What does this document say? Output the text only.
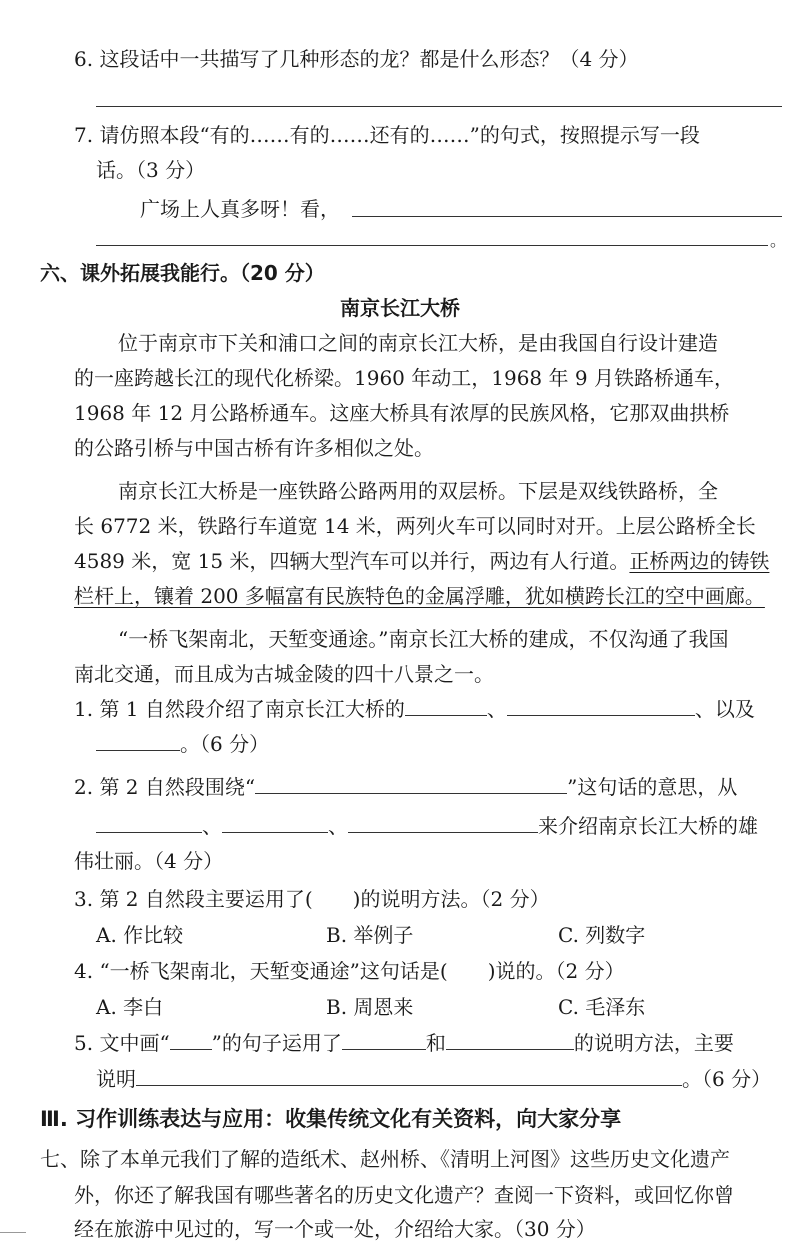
6. 这段话中一共描写了几种形态的龙？都是什么形态？（4 分）
7. 请仿照本段“有的……有的……还有的……”的句式，按照提示写一段
话。（3 分）
广场上人真多呀！看，
。
六、课外拓展我能行。（20 分）
南京长江大桥
位于南京市下关和浦口之间的南京长江大桥，是由我国自行设计建造
的一座跨越长江的现代化桥梁。1960 年动工，1968 年 9 月铁路桥通车，
1968 年 12 月公路桥通车。这座大桥具有浓厚的民族风格，它那双曲拱桥
的公路引桥与中国古桥有许多相似之处。
南京长江大桥是一座铁路公路两用的双层桥。下层是双线铁路桥，全
长 6772 米，铁路行车道宽 14 米，两列火车可以同时对开。上层公路桥全长
4589 米，宽 15 米，四辆大型汽车可以并行，两边有人行道。正桥两边的铸铁
栏杆上，镶着 200 多幅富有民族特色的金属浮雕，犹如横跨长江的空中画廊。
“一桥飞架南北，天堑变通途。”南京长江大桥的建成，不仅沟通了我国
南北交通，而且成为古城金陵的四十八景之一。
1. 第 1 自然段介绍了南京长江大桥的	、	、以及
。（6 分）
2. 第 2 自然段围绕“	”这句话的意思，从
、	、	来介绍南京长江大桥的雄
伟壮丽。（4 分）
3. 第 2 自然段主要运用了(　　)的说明方法。（2 分）
A. 作比较	B. 举例子	C. 列数字
4. “一桥飞架南北，天堑变通途”这句话是(　　)说的。（2 分）
A. 李白	B. 周恩来	C. 毛泽东
5. 文中画“ ”的句子运用了	和	的说明方法，主要
说明	。（6 分）
Ⅲ. 习作训练表达与应用：收集传统文化有关资料，向大家分享
七、除了本单元我们了解的造纸术、赵州桥、《清明上河图》这些历史文化遗产
外，你还了解我国有哪些著名的历史文化遗产？查阅一下资料，或回忆你曾
经在旅游中见过的，写一个或一处，介绍给大家。（30 分）
